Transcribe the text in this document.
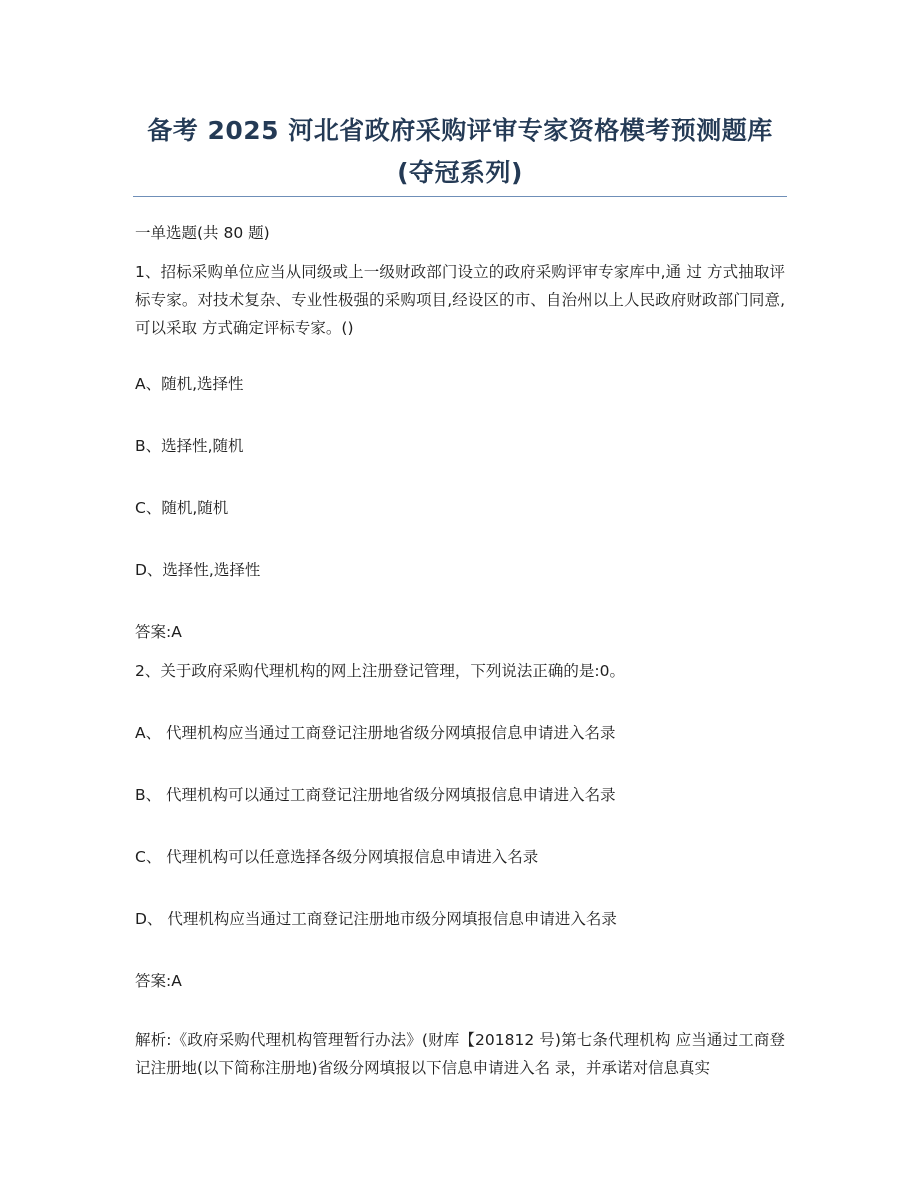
备考 2025 河北省政府采购评审专家资格模考预测题库(夺冠系列)
一单选题(共 80 题)
1、招标采购单位应当从同级或上一级财政部门设立的政府采购评审专家库中,通 过 方式抽取评标专家。对技术复杂、专业性极强的采购项目,经设区的市、自治州以上人民政府财政部门同意,可以采取 方式确定评标专家。()
A、随机,选择性
B、选择性,随机
C、随机,随机
D、选择性,选择性
答案:A
2、关于政府采购代理机构的网上注册登记管理，下列说法正确的是:0。
A、 代理机构应当通过工商登记注册地省级分网填报信息申请进入名录
B、 代理机构可以通过工商登记注册地省级分网填报信息申请进入名录
C、 代理机构可以任意选择各级分网填报信息申请进入名录
D、 代理机构应当通过工商登记注册地市级分网填报信息申请进入名录
答案:A
解析:《政府采购代理机构管理暂行办法》(财库【201812 号)第七条代理机构 应当通过工商登记注册地(以下简称注册地)省级分网填报以下信息申请进入名 录，并承诺对信息真实
